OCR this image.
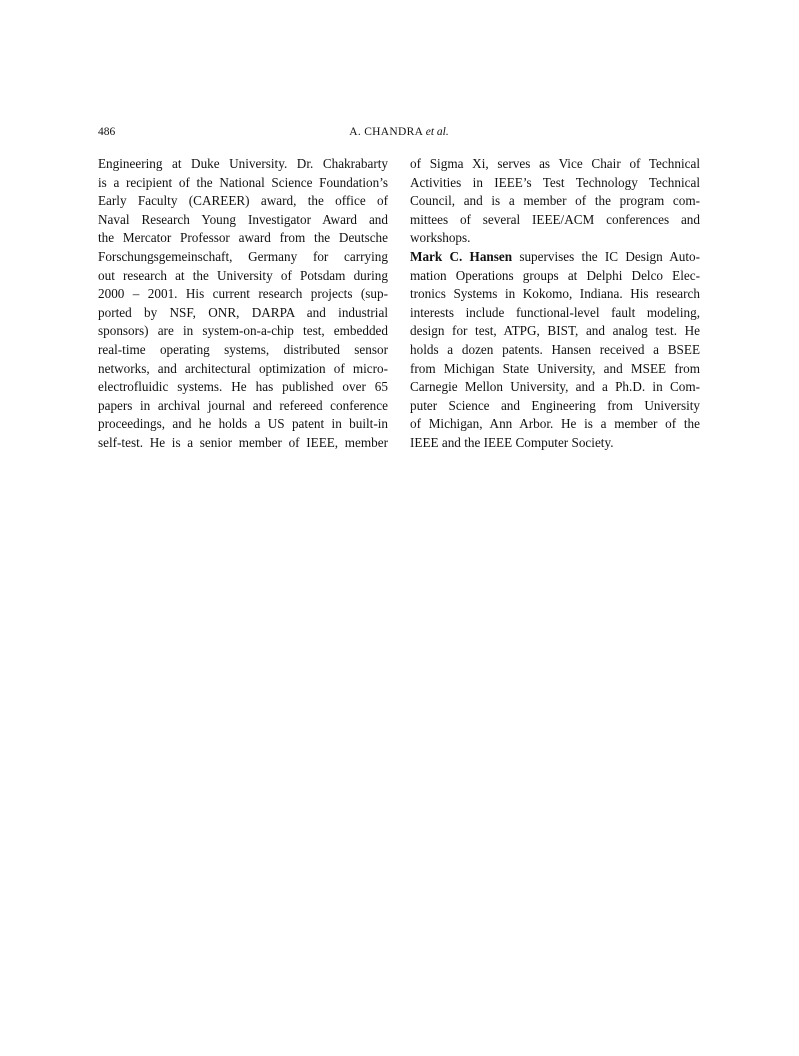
486	A. CHANDRA et al.
Engineering at Duke University. Dr. Chakrabarty
is a recipient of the National Science Foundation’s
Early Faculty (CAREER) award, the office of
Naval Research Young Investigator Award and
the Mercator Professor award from the Deutsche
Forschungsgemeinschaft, Germany for carrying
out research at the University of Potsdam during
2000 – 2001. His current research projects (sup-
ported by NSF, ONR, DARPA and industrial
sponsors) are in system-on-a-chip test, embedded
real-time operating systems, distributed sensor
networks, and architectural optimization of micro-
electrofluidic systems. He has published over 65
papers in archival journal and refereed conference
proceedings, and he holds a US patent in built-in
self-test. He is a senior member of IEEE, member
of Sigma Xi, serves as Vice Chair of Technical
Activities in IEEE’s Test Technology Technical
Council, and is a member of the program com-
mittees of several IEEE/ACM conferences and
workshops.
Mark C. Hansen supervises the IC Design Auto-
mation Operations groups at Delphi Delco Elec-
tronics Systems in Kokomo, Indiana. His research
interests include functional-level fault modeling,
design for test, ATPG, BIST, and analog test. He
holds a dozen patents. Hansen received a BSEE
from Michigan State University, and MSEE from
Carnegie Mellon University, and a Ph.D. in Com-
puter Science and Engineering from University
of Michigan, Ann Arbor. He is a member of the
IEEE and the IEEE Computer Society.
